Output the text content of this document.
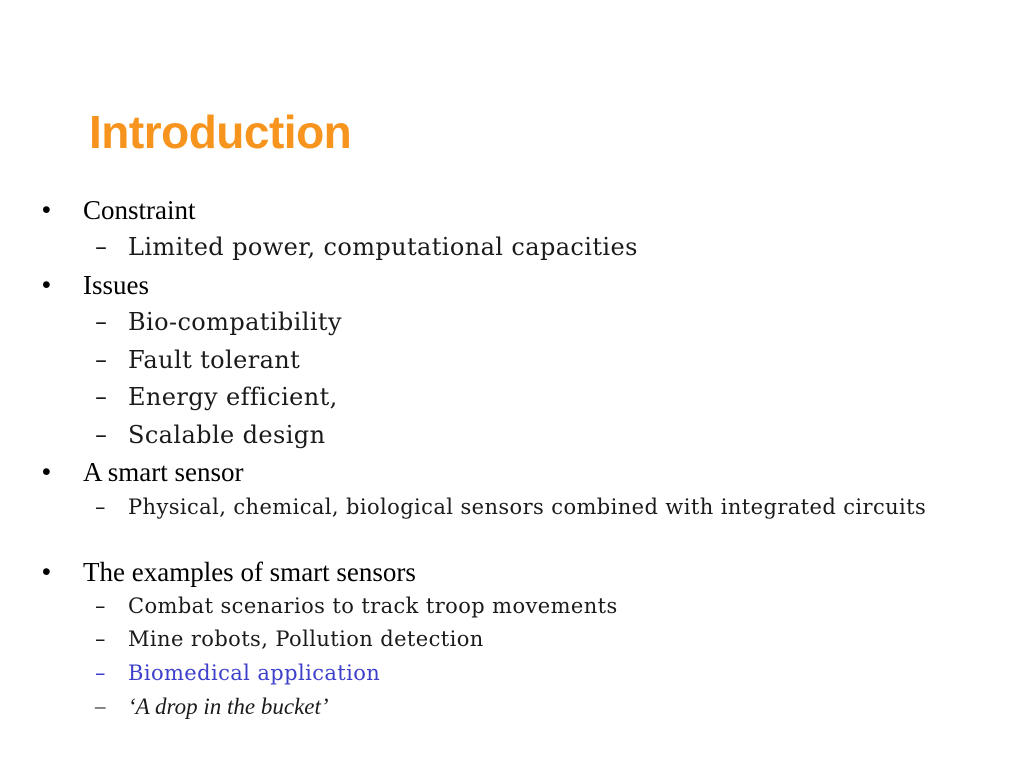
Introduction
•	Constraint
– Limited power, computational capacities
•	Issues
– Bio-compatibility
– Fault tolerant
– Energy efficient,
– Scalable design
•	A smart sensor
–	Physical, chemical, biological sensors combined with integrated circuits
•	The examples of smart sensors
–	Combat scenarios to track troop movements
–	Mine robots, Pollution detection
–	Biomedical application
– ‘A drop in the bucket’
